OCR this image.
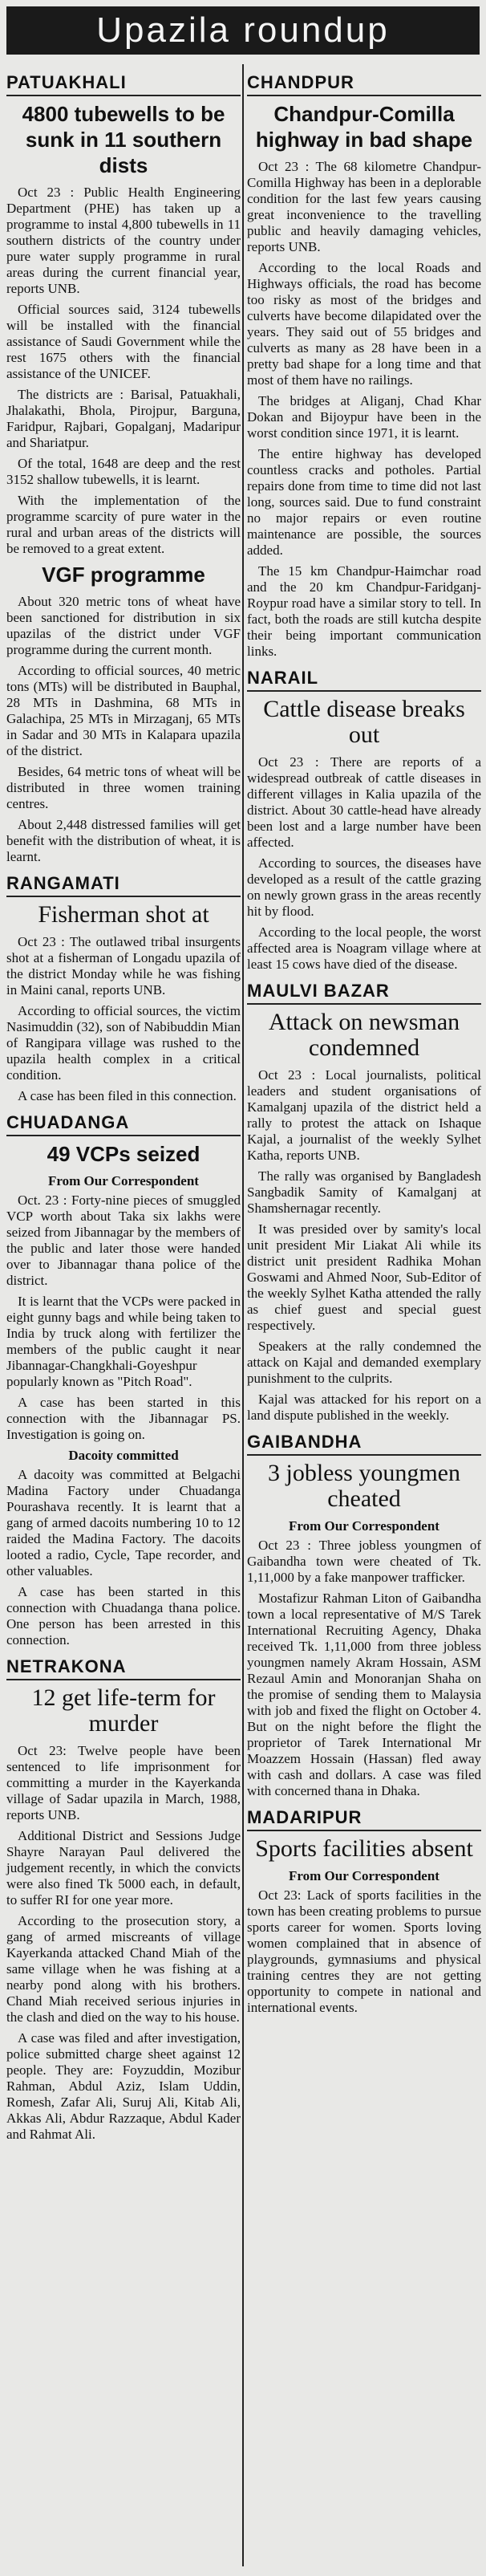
Upazila roundup
PATUAKHALI
4800 tubewells to be sunk in 11 southern dists

Oct 23 : Public Health Engineering Department (PHE) has taken up a programme to instal 4,800 tubewells in 11 southern districts of the country under pure water supply programme in rural areas during the current financial year, reports UNB.

Official sources said, 3124 tubewells will be installed with the financial assistance of Saudi Government while the rest 1675 others with the financial assistance of the UNICEF.

The districts are : Barisal, Patuakhali, Jhalakathi, Bhola, Pirojpur, Barguna, Faridpur, Rajbari, Gopalganj, Madaripur and Shariatpur.

Of the total, 1648 are deep and the rest 3152 shallow tubewells, it is learnt.

With the implementation of the programme scarcity of pure water in the rural and urban areas of the districts will be removed to a great extent.

VGF programme

About 320 metric tons of wheat have been sanctioned for distribution in six upazilas of the district under VGF programme during the current month.

According to official sources, 40 metric tons (MTs) will be distributed in Bauphal, 28 MTs in Dashmina, 68 MTs in Galachipa, 25 MTs in Mirzaganj, 65 MTs in Sadar and 30 MTs in Kalapara upazila of the district.

Besides, 64 metric tons of wheat will be distributed in three women training centres.

About 2,448 distressed families will get benefit with the distribution of wheat, it is learnt.

RANGAMATI
Fisherman shot at

Oct 23 : The outlawed tribal insurgents shot at a fisherman of Longadu upazila of the district Monday while he was fishing in Maini canal, reports UNB.

According to official sources, the victim Nasimuddin (32), son of Nabibuddin Mian of Rangipara village was rushed to the upazila health complex in a critical condition.

A case has been filed in this connection.

CHUADANGA
49 VCPs seized
From Our Correspondent

Oct. 23 : Forty-nine pieces of smuggled VCP worth about Taka six lakhs were seized from Jibannagar by the members of the public and later those were handed over to Jibannagar thana police of the district.

It is learnt that the VCPs were packed in eight gunny bags and while being taken to India by truck along with fertilizer the members of the public caught it near Jibannagar-Changkhali-Goyeshpur popularly known as "Pitch Road".

A case has been started in this connection with the Jibannagar PS. Investigation is going on.

Dacoity committed

A dacoity was committed at Belgachi Madina Factory under Chuadanga Pourashava recently. It is learnt that a gang of armed dacoits numbering 10 to 12 raided the Madina Factory. The dacoits looted a radio, Cycle, Tape recorder, and other valuables.

A case has been started in this connection with Chuadanga thana police. One person has been arrested in this connection.

NETRAKONA
12 get life-term for murder

Oct 23: Twelve people have been sentenced to life imprisonment for committing a murder in the Kayerkanda village of Sadar upazila in March, 1988, reports UNB.

Additional District and Sessions Judge Shayre Narayan Paul delivered the judgement recently, in which the convicts were also fined Tk 5000 each, in default, to suffer RI for one year more.

According to the prosecution story, a gang of armed miscreants of village Kayerkanda attacked Chand Miah of the same village when he was fishing at a nearby pond along with his brothers. Chand Miah received serious injuries in the clash and died on the way to his house.

A case was filed and after investigation, police submitted charge sheet against 12 people. They are: Foyzuddin, Mozibur Rahman, Abdul Aziz, Islam Uddin, Romesh, Zafar Ali, Suruj Ali, Kitab Ali, Akkas Ali, Abdur Razzaque, Abdul Kader and Rahmat Ali.

CHANDPUR
Chandpur-Comilla highway in bad shape

Oct 23 : The 68 kilometre Chandpur-Comilla Highway has been in a deplorable condition for the last few years causing great inconvenience to the travelling public and heavily damaging vehicles, reports UNB.

According to the local Roads and Highways officials, the road has become too risky as most of the bridges and culverts have become dilapidated over the years. They said out of 55 bridges and culverts as many as 28 have been in a pretty bad shape for a long time and that most of them have no railings.

The bridges at Aliganj, Chad Khar Dokan and Bijoypur have been in the worst condition since 1971, it is learnt.

The entire highway has developed countless cracks and potholes. Partial repairs done from time to time did not last long, sources said. Due to fund constraint no major repairs or even routine maintenance are possible, the sources added.

The 15 km Chandpur-Haimchar road and the 20 km Chandpur-Faridganj-Roypur road have a similar story to tell. In fact, both the roads are still kutcha despite their being important communication links.

NARAIL
Cattle disease breaks out

Oct 23 : There are reports of a widespread outbreak of cattle diseases in different villages in Kalia upazila of the district. About 30 cattle-head have already been lost and a large number have been affected.

According to sources, the diseases have developed as a result of the cattle grazing on newly grown grass in the areas recently hit by flood.

According to the local people, the worst affected area is Noagram village where at least 15 cows have died of the disease.

MAULVI BAZAR
Attack on newsman condemned

Oct 23 : Local journalists, political leaders and student organisations of Kamalganj upazila of the district held a rally to protest the attack on Ishaque Kajal, a journalist of the weekly Sylhet Katha, reports UNB.

The rally was organised by Bangladesh Sangbadik Samity of Kamalganj at Shamshernagar recently.

It was presided over by samity's local unit president Mir Liakat Ali while its district unit president Radhika Mohan Goswami and Ahmed Noor, Sub-Editor of the weekly Sylhet Katha attended the rally as chief guest and special guest respectively.

Speakers at the rally condemned the attack on Kajal and demanded exemplary punishment to the culprits.

Kajal was attacked for his report on a land dispute published in the weekly.

GAIBANDHA
3 jobless youngmen cheated
From Our Correspondent

Oct 23 : Three jobless youngmen of Gaibandha town were cheated of Tk. 1,11,000 by a fake manpower trafficker.

Mostafizur Rahman Liton of Gaibandha town a local representative of M/S Tarek International Recruiting Agency, Dhaka received Tk. 1,11,000 from three jobless youngmen namely Akram Hossain, ASM Rezaul Amin and Monoranjan Shaha on the promise of sending them to Malaysia with job and fixed the flight on October 4. But on the night before the flight the proprietor of Tarek International Mr Moazzem Hossain (Hassan) fled away with cash and dollars. A case was filed with concerned thana in Dhaka.

MADARIPUR
Sports facilities absent
From Our Correspondent

Oct 23: Lack of sports facilities in the town has been creating problems to pursue sports career for women. Sports loving women complained that in absence of playgrounds, gymnasiums and physical training centres they are not getting opportunity to compete in national and international events.
